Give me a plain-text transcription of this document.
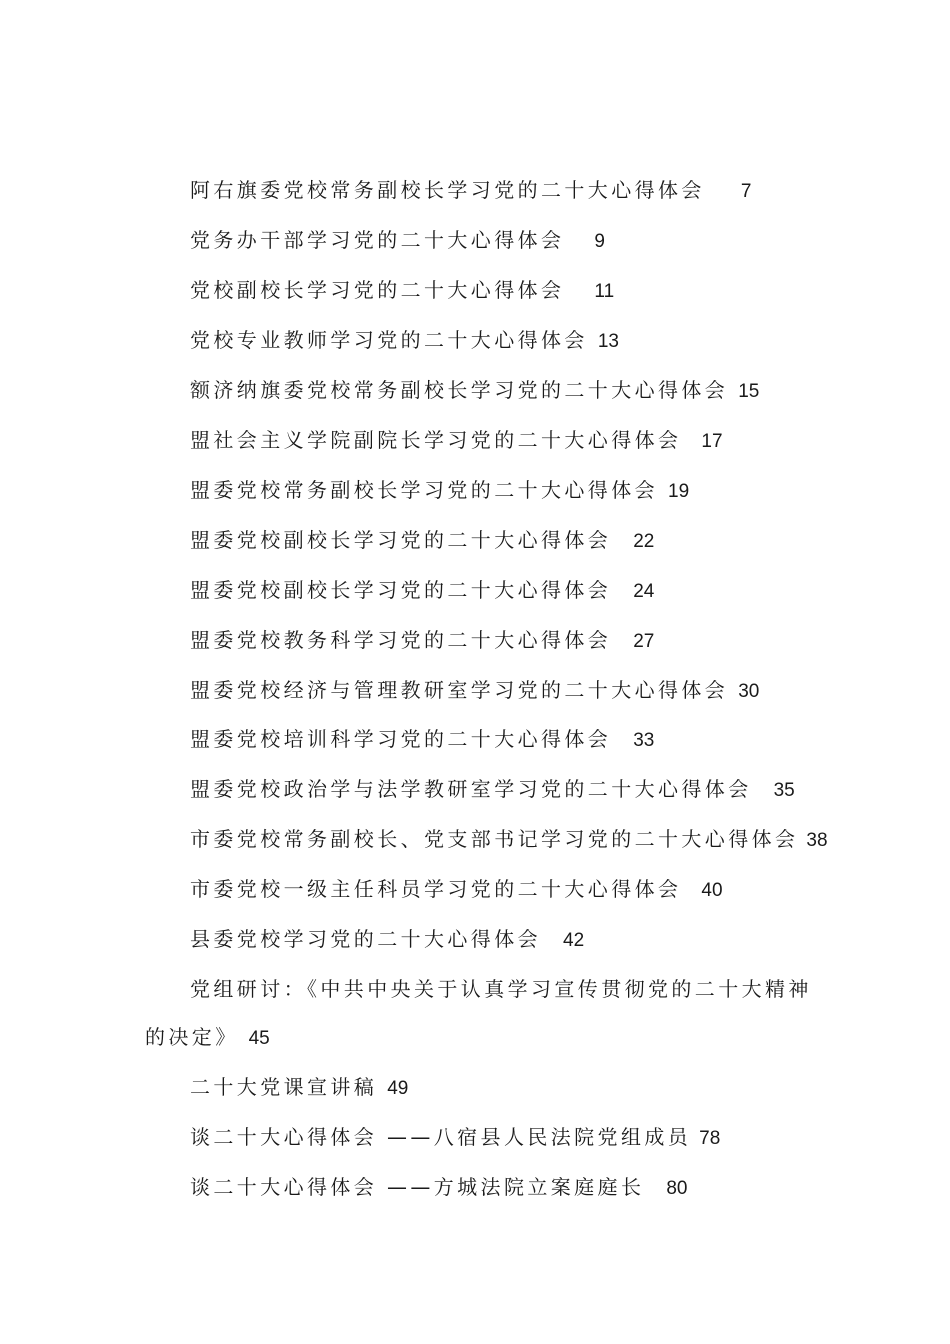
阿右旗委党校常务副校长学习党的二十大心得体会 7
党务办干部学习党的二十大心得体会 9
党校副校长学习党的二十大心得体会 11
党校专业教师学习党的二十大心得体会 13
额济纳旗委党校常务副校长学习党的二十大心得体会 15
盟社会主义学院副院长学习党的二十大心得体会 17
盟委党校常务副校长学习党的二十大心得体会 19
盟委党校副校长学习党的二十大心得体会 22
盟委党校副校长学习党的二十大心得体会 24
盟委党校教务科学习党的二十大心得体会 27
盟委党校经济与管理教研室学习党的二十大心得体会 30
盟委党校培训科学习党的二十大心得体会 33
盟委党校政治学与法学教研室学习党的二十大心得体会 35
市委党校常务副校长、党支部书记学习党的二十大心得体会 38
市委党校一级主任科员学习党的二十大心得体会 40
县委党校学习党的二十大心得体会 42
党组研讨：《中共中央关于认真学习宣传贯彻党的二十大精神
的决定》 45
二十大党课宣讲稿 49
谈二十大心得体会 ——八宿县人民法院党组成员 78
谈二十大心得体会 ——方城法院立案庭庭长 80
